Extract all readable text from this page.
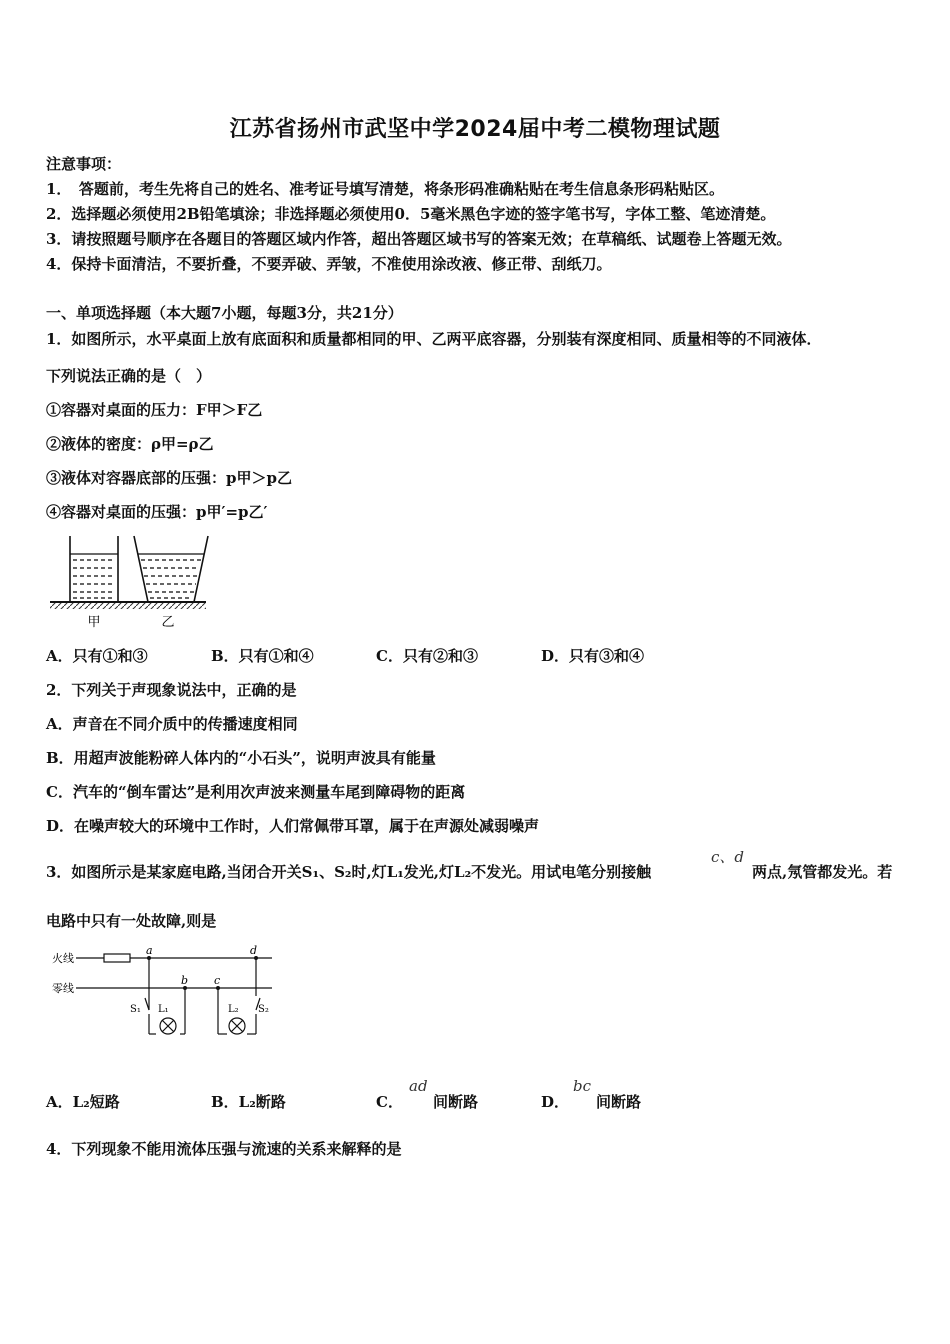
江苏省扬州市武坚中学2024届中考二模物理试题
注意事项：
1．　答题前，考生先将自己的姓名、准考证号填写清楚，将条形码准确粘贴在考生信息条形码粘贴区。
2．选择题必须使用2B铅笔填涂；非选择题必须使用0．5毫米黑色字迹的签字笔书写，字体工整、笔迹清楚。
3．请按照题号顺序在各题目的答题区域内作答，超出答题区域书写的答案无效；在草稿纸、试题卷上答题无效。
4．保持卡面清洁，不要折叠，不要弄破、弄皱，不准使用涂改液、修正带、刮纸刀。
一、单项选择题（本大题7小题，每题3分，共21分）
1．如图所示，水平桌面上放有底面积和质量都相同的甲、乙两平底容器，分别装有深度相同、质量相等的不同液体．
下列说法正确的是（　）
①容器对桌面的压力：F甲＞F乙
②液体的密度：ρ甲=ρ乙
③液体对容器底部的压强：p甲＞p乙
④容器对桌面的压强：p甲′=p乙′
甲	乙
A．只有①和③	B．只有①和④	C．只有②和③	D．只有③和④
2．下列关于声现象说法中，正确的是
A．声音在不同介质中的传播速度相同
B．用超声波能粉碎人体内的“小石头”，说明声波具有能量
C．汽车的“倒车雷达”是利用次声波来测量车尾到障碍物的距离
D．在噪声较大的环境中工作时，人们常佩带耳罩，属于在声源处减弱噪声
3．如图所示是某家庭电路,当闭合开关S₁、S₂时,灯L₁发光,灯L₂不发光。用试电笔分别接触
c、d
两点,氖管都发光。若
电路中只有一处故障,则是
火线
零线
a
b c
d
S₁ L₁	L₂ S₂
A．L₂短路	B．L₂断路	C．
ad
间断路	D．
bc
间断路
4．下列现象不能用流体压强与流速的关系来解释的是
